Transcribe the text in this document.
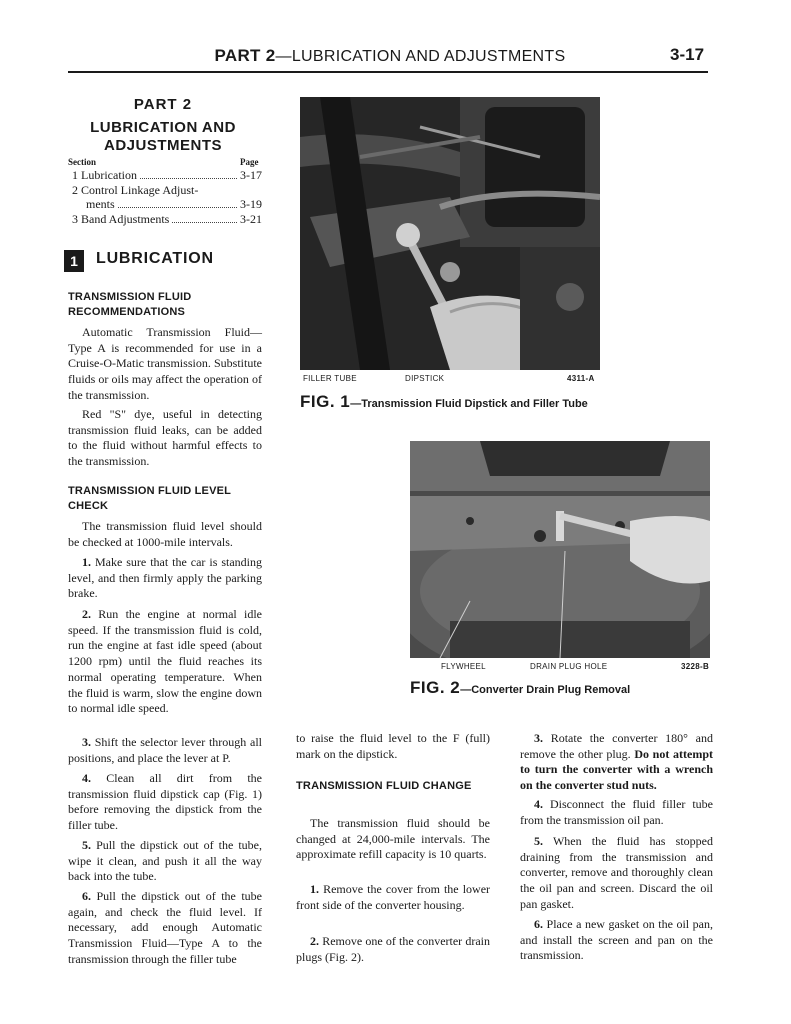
PART 2—LUBRICATION AND ADJUSTMENTS	3-17
PART 2
LUBRICATION AND
ADJUSTMENTS
Section	Page
1
Lubrication	3-17
2
Control Linkage Adjust-
ments	3-19
3
Band Adjustments	3-21
1	LUBRICATION
TRANSMISSION FLUID RECOMMENDATIONS

Automatic Transmission Fluid—Type A is recommended for use in a Cruise-O-Matic transmission. Substitute fluids or oils may affect the operation of the transmission.

Red "S" dye, useful in detecting transmission fluid leaks, can be added to the fluid without harmful effects to the transmission.

TRANSMISSION FLUID LEVEL CHECK

The transmission fluid level should be checked at 1000-mile intervals.

1. Make sure that the car is standing level, and then firmly apply the parking brake.

2. Run the engine at normal idle speed. If the transmission fluid is cold, run the engine at fast idle speed (about 1200 rpm) until the fluid reaches its normal operating temperature. When the fluid is warm, slow the engine down to normal idle speed.

3. Shift the selector lever through all positions, and place the lever at P.

4. Clean all dirt from the transmission fluid dipstick cap (Fig. 1) before removing the dipstick from the filler tube.

5. Pull the dipstick out of the tube, wipe it clean, and push it all the way back into the tube.

6. Pull the dipstick out of the tube again, and check the fluid level. If necessary, add enough Automatic Transmission Fluid—Type A to the transmission through the filler tube

FILLER TUBE	DIPSTICK	4311-A
FIG. 1—Transmission Fluid Dipstick and Filler Tube
FLYWHEEL	DRAIN PLUG HOLE	3228-B
FIG. 2—Converter Drain Plug Removal

to raise the fluid level to the F (full) mark on the dipstick.

TRANSMISSION FLUID CHANGE

The transmission fluid should be changed at 24,000-mile intervals. The approximate refill capacity is 10 quarts.

1. Remove the cover from the lower front side of the converter housing.

2. Remove one of the converter drain plugs (Fig. 2).

3. Rotate the converter 180° and remove the other plug. Do not attempt to turn the converter with a wrench on the converter stud nuts.

4. Disconnect the fluid filler tube from the transmission oil pan.

5. When the fluid has stopped draining from the transmission and converter, remove and thoroughly clean the oil pan and screen. Discard the oil pan gasket.

6. Place a new gasket on the oil pan, and install the screen and pan on the transmission.
